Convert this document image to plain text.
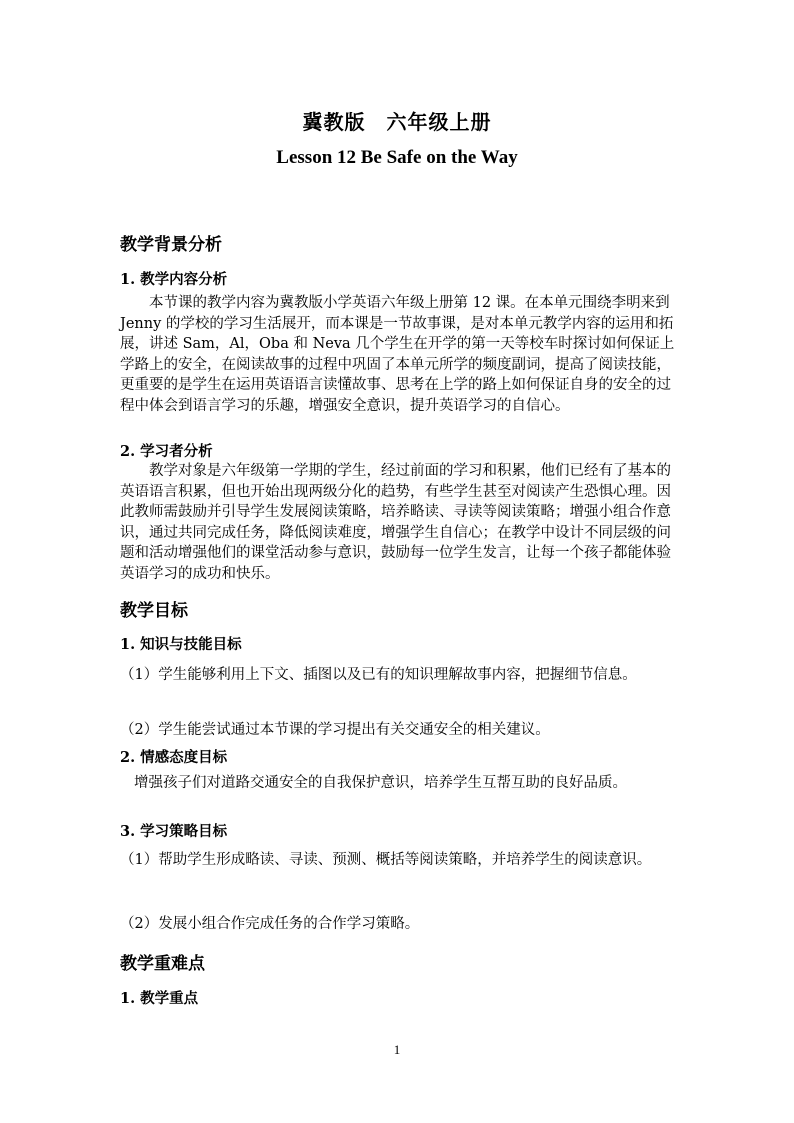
冀教版　六年级上册
Lesson 12 Be Safe on the Way
教学背景分析
1. 教学内容分析
本节课的教学内容为冀教版小学英语六年级上册第 12 课。在本单元围绕李明来到 Jenny 的学校的学习生活展开，而本课是一节故事课，是对本单元教学内容的运用和拓展，讲述 Sam，Al，Oba 和 Neva 几个学生在开学的第一天等校车时探讨如何保证上学路上的安全，在阅读故事的过程中巩固了本单元所学的频度副词，提高了阅读技能，更重要的是学生在运用英语语言读懂故事、思考在上学的路上如何保证自身的安全的过程中体会到语言学习的乐趣，增强安全意识，提升英语学习的自信心。
2. 学习者分析
教学对象是六年级第一学期的学生，经过前面的学习和积累，他们已经有了基本的英语语言积累，但也开始出现两级分化的趋势，有些学生甚至对阅读产生恐惧心理。因此教师需鼓励并引导学生发展阅读策略，培养略读、寻读等阅读策略；增强小组合作意识，通过共同完成任务，降低阅读难度，增强学生自信心；在教学中设计不同层级的问题和活动增强他们的课堂活动参与意识，鼓励每一位学生发言，让每一个孩子都能体验英语学习的成功和快乐。
教学目标
1. 知识与技能目标
（1）学生能够利用上下文、插图以及已有的知识理解故事内容，把握细节信息。
（2）学生能尝试通过本节课的学习提出有关交通安全的相关建议。
2. 情感态度目标
增强孩子们对道路交通安全的自我保护意识，培养学生互帮互助的良好品质。
3. 学习策略目标
（1）帮助学生形成略读、寻读、预测、概括等阅读策略，并培养学生的阅读意识。
（2）发展小组合作完成任务的合作学习策略。
教学重难点
1. 教学重点
1
